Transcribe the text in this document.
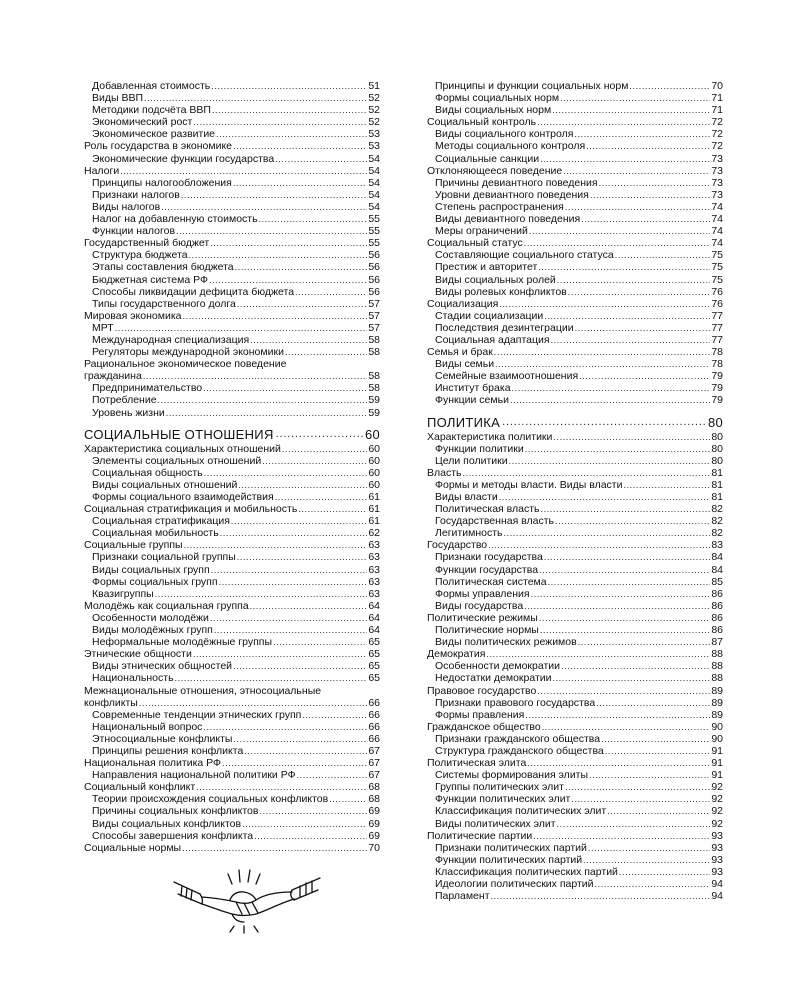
Добавленная стоимость .....	51
Виды ВВП .....	52
Методики подсчёта ВВП .....	52
Экономический рост .....	52
Экономическое развитие .....	53
Роль государства в экономике .....	53
Экономические функции государства .....	54
Налоги .....	54
Принципы налогообложения .....	54
Признаки налогов .....	54
Виды налогов .....	54
Налог на добавленную стоимость .....	55
Функции налогов .....	55
Государственный бюджет .....	55
Структура бюджета .....	56
Этапы составления бюджета .....	56
Бюджетная система РФ .....	56
Способы ликвидации дефицита бюджета .....	56
Типы государственного долга .....	57
Мировая экономика .....	57
МРТ .....	57
Международная специализация .....	58
Регуляторы международной экономики .....	58
Рациональное экономическое поведение
гражданина .....	58
Предпринимательство .....	58
Потребление .....	59
Уровень жизни .....	59
СОЦИАЛЬНЫЕ ОТНОШЕНИЯ .....	60
Характеристика социальных отношений .....	60
Элементы социальных отношений .....	60
Социальная общность .....	60
Виды социальных отношений .....	60
Формы социального взаимодействия .....	61
Социальная стратификация и мобильность .....	61
Социальная стратификация .....	61
Социальная мобильность .....	62
Социальные группы .....	63
Признаки социальной группы .....	63
Виды социальных групп .....	63
Формы социальных групп .....	63
Квазигруппы .....	63
Молодёжь как социальная группа .....	64
Особенности молодёжи .....	64
Виды молодёжных групп .....	64
Неформальные молодёжные группы .....	65
Этнические общности .....	65
Виды этнических общностей .....	65
Национальность .....	65
Межнациональные отношения, этносоциальные
конфликты .....	66
Современные тенденции этнических групп .....	66
Национальный вопрос .....	66
Этносоциальные конфликты .....	66
Принципы решения конфликта .....	67
Национальная политика РФ .....	67
Направления национальной политики РФ .....	67
Социальный конфликт .....	68
Теории происхождения социальных конфликтов .....	68
Причины социальных конфликтов .....	69
Виды социальных конфликтов .....	69
Способы завершения конфликта .....	69
Социальные нормы .....	70
Принципы и функции социальных норм .....	70
Формы социальных норм .....	71
Виды социальных норм .....	71
Социальный контроль .....	72
Виды социального контроля .....	72
Методы социального контроля .....	72
Социальные санкции .....	73
Отклоняющееся поведение .....	73
Причины девиантного поведения .....	73
Уровни девиантного поведения .....	73
Степень распространения .....	74
Виды девиантного поведения .....	74
Меры ограничений .....	74
Социальный статус .....	74
Составляющие социального статуса .....	75
Престиж и авторитет .....	75
Виды социальных ролей .....	75
Виды ролевых конфликтов .....	76
Социализация .....	76
Стадии социализации .....	77
Последствия дезинтеграции .....	77
Социальная адаптация .....	77
Семья и брак .....	78
Виды семьи .....	78
Семейные взаимоотношения .....	79
Институт брака .....	79
Функции семьи .....	79
ПОЛИТИКА .....	80
Характеристика политики .....	80
Функции политики .....	80
Цели политики .....	80
Власть .....	81
Формы и методы власти. Виды власти .....	81
Виды власти .....	81
Политическая власть .....	82
Государственная власть .....	82
Легитимность .....	82
Государство .....	83
Признаки государства .....	84
Функции государства .....	84
Политическая система .....	85
Формы управления .....	86
Виды государства .....	86
Политические режимы .....	86
Политические нормы .....	86
Виды политических режимов .....	87
Демократия .....	88
Особенности демократии .....	88
Недостатки демократии .....	88
Правовое государство .....	89
Признаки правового государства .....	89
Формы правления .....	89
Гражданское общество .....	90
Признаки гражданского общества .....	90
Структура гражданского общества .....	91
Политическая элита .....	91
Системы формирования элиты .....	91
Группы политических элит .....	92
Функции политических элит .....	92
Классификация политических элит .....	92
Виды политических элит .....	92
Политические партии .....	93
Признаки политических партий .....	93
Функции политических партий .....	93
Классификация политических партий .....	93
Идеологии политических партий .....	94
Парламент .....	94
